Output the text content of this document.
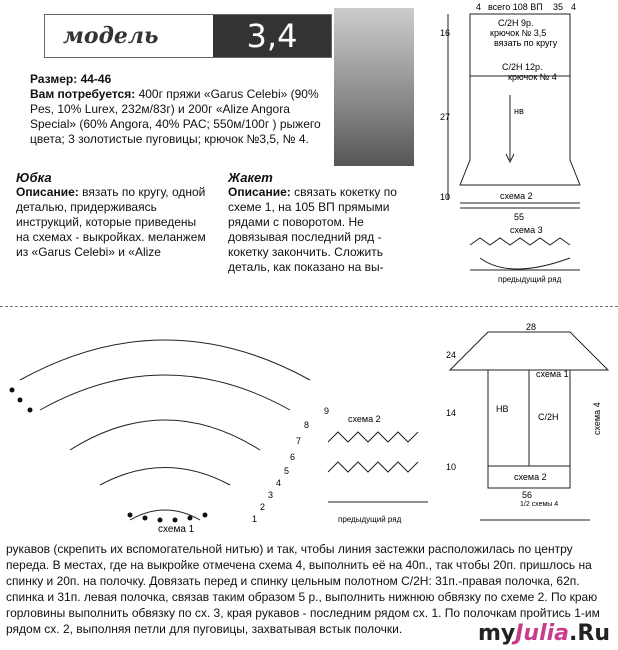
модель	3,4
Размер: 44-46
Вам потребуется: 400г пряжи «Garus Celebi» (90% Pes, 10% Lurex, 232м/83г) и 200г «Alize Angora Special» (60% Angora, 40% PAC; 550м/100г ) рыжего цвета; 3 золотистые пуговицы; крючок №3,5, № 4.
Юбка
Описание: вязать по кругу, одной деталью, придерживаясь инструкций, которые приведены на схемах - выкройках. меланжем из «Garus Celebi» и «Alize
Жакет
Описание: связать кокетку по схеме 1, на 105 ВП прямыми рядами с поворотом. Не довязывая последний ряд - кокетку закончить. Сложить деталь, как показано на вы-
4 всего 108 ВП 35 4
16
27
10
55
С/2Н 9р.
крючок № 3,5
вязать по кругу
С/2Н 12р.
крючок № 4
нв
схема 2
схема 3
предыдущий ряд
схема 1
9
8
7
6
5
4
3
2
1
схема 2
предыдущий ряд
28
24
14
10
56
схема 1
С/2Н
НВ
схема 2
1/2 схемы 4
схема 4
рукавов (скрепить их вспомогательной нитью) и так, чтобы линия застежки расположилась по центру переда. В местах, где на выкройке отмечена схема 4, выполнить её на 40п., так чтобы 20п. пришлось на спинку и 20п. на полочку. Довязать перед и спинку цельным полотном С/2Н: 31п.-правая полочка, 62п. спинка и 31п. левая полочка, связав таким образом 5 р., выполнить нижнюю обвязку по схеме 2. По краю горловины выполнить обвязку по сх. 3, края рукавов - последним рядом сх. 1. По полочкам пройтись 1-им рядом сх. 2, выполняя петли для пуговицы, захватывая встык полочки.	myJulia.Ru
